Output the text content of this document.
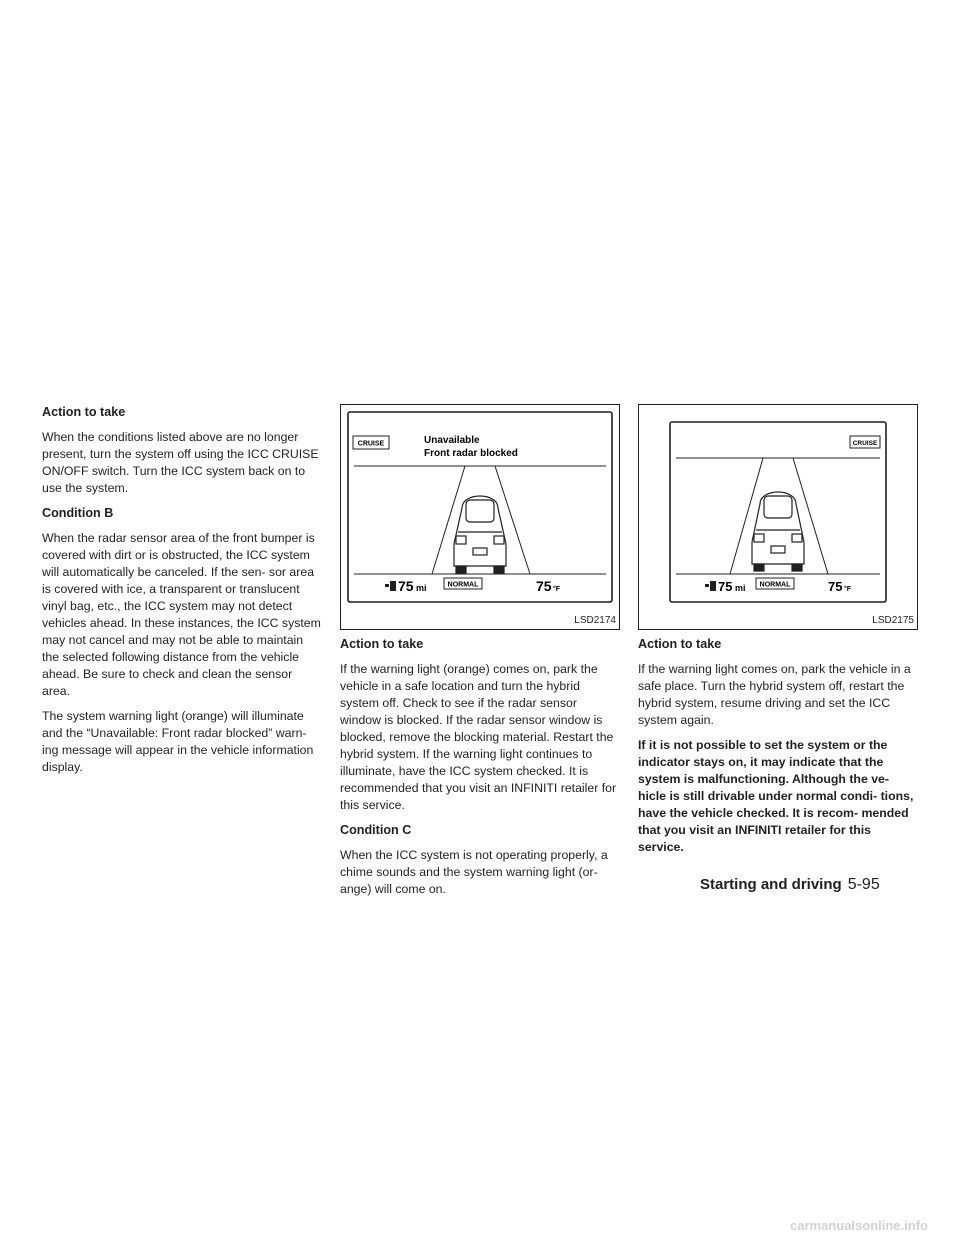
Action to take

When the conditions listed above are no longer present, turn the system off using the ICC CRUISE ON/OFF switch. Turn the ICC system back on to use the system.

Condition B

When the radar sensor area of the front bumper is covered with dirt or is obstructed, the ICC system will automatically be canceled. If the sen- sor area is covered with ice, a transparent or translucent vinyl bag, etc., the ICC system may not detect vehicles ahead. In these instances, the ICC system may not cancel and may not be able to maintain the selected following distance from the vehicle ahead. Be sure to check and clean the sensor area.

The system warning light (orange) will illuminate and the “Unavailable: Front radar blocked” warn- ing message will appear in the vehicle information display.

CRUISE	Unavailable
Front radar blocked
75 mi	NORMAL	75 °F
LSD2174
Action to take

If the warning light (orange) comes on, park the vehicle in a safe location and turn the hybrid system off. Check to see if the radar sensor window is blocked. If the radar sensor window is blocked, remove the blocking material. Restart the hybrid system. If the warning light continues to illuminate, have the ICC system checked. It is recommended that you visit an INFINITI retailer for this service.

Condition C

When the ICC system is not operating properly, a chime sounds and the system warning light (or- ange) will come on.

CRUISE
75 mi NORMAL	75 °F
LSD2175
Action to take

If the warning light comes on, park the vehicle in a safe place. Turn the hybrid system off, restart the hybrid system, resume driving and set the ICC system again.

If it is not possible to set the system or the indicator stays on, it may indicate that the system is malfunctioning. Although the ve- hicle is still drivable under normal condi- tions, have the vehicle checked. It is recom- mended that you visit an INFINITI retailer for this service.

Starting and driving 5-95
carmanualsonline.info
